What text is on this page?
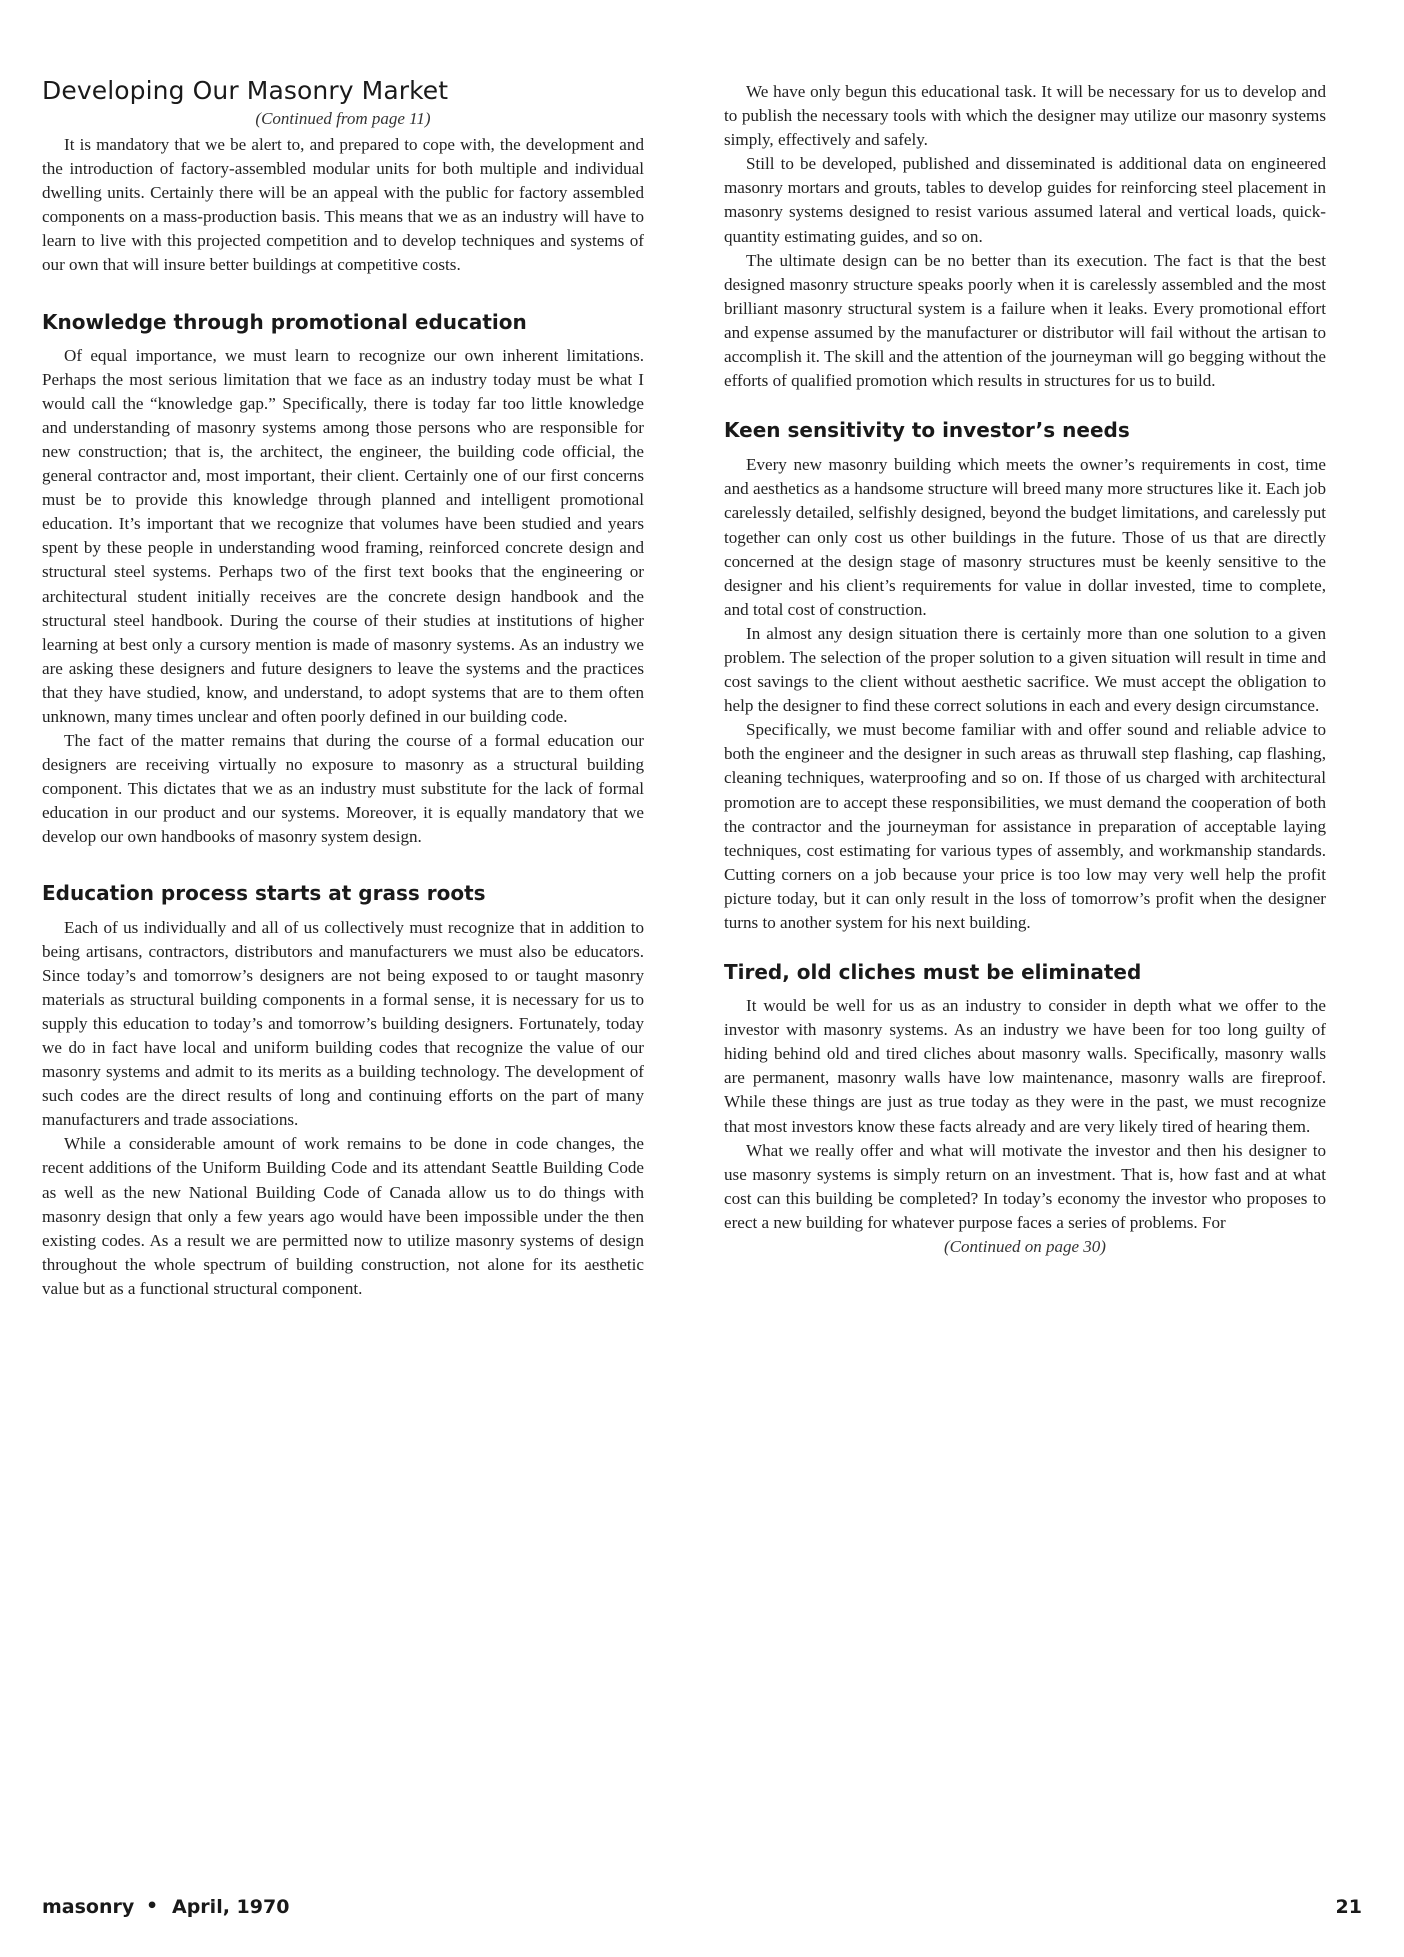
Developing Our Masonry Market

(Continued from page 11)

It is mandatory that we be alert to, and prepared to cope with, the development and the introduction of factory-assembled modular units for both multiple and individual dwelling units. Certainly there will be an appeal with the public for factory assembled components on a mass-production basis. This means that we as an industry will have to learn to live with this projected competition and to develop techniques and systems of our own that will insure better buildings at competitive costs.

Knowledge through promotional education

Of equal importance, we must learn to recognize our own inherent limitations. Perhaps the most serious limitation that we face as an industry today must be what I would call the “knowledge gap.” Specifically, there is today far too little knowledge and understanding of masonry systems among those persons who are responsible for new construction; that is, the architect, the engineer, the building code official, the general contractor and, most important, their client. Certainly one of our first concerns must be to provide this knowledge through planned and intelligent promotional education. It’s important that we recognize that volumes have been studied and years spent by these people in understanding wood framing, reinforced concrete design and structural steel systems. Perhaps two of the first text books that the engineering or architectural student initially receives are the concrete design handbook and the structural steel handbook. During the course of their studies at institutions of higher learning at best only a cursory mention is made of masonry systems. As an industry we are asking these designers and future designers to leave the systems and the practices that they have studied, know, and understand, to adopt systems that are to them often unknown, many times unclear and often poorly defined in our building code.

The fact of the matter remains that during the course of a formal education our designers are receiving virtually no exposure to masonry as a structural building component. This dictates that we as an industry must substitute for the lack of formal education in our product and our systems. Moreover, it is equally mandatory that we develop our own handbooks of masonry system design.

Education process starts at grass roots

Each of us individually and all of us collectively must recognize that in addition to being artisans, contractors, distributors and manufacturers we must also be educators. Since today’s and tomorrow’s designers are not being exposed to or taught masonry materials as structural building components in a formal sense, it is necessary for us to supply this education to today’s and tomorrow’s building designers. Fortunately, today we do in fact have local and uniform building codes that recognize the value of our masonry systems and admit to its merits as a building technology. The development of such codes are the direct results of long and continuing efforts on the part of many manufacturers and trade associations.

While a considerable amount of work remains to be done in code changes, the recent additions of the Uniform Building Code and its attendant Seattle Building Code as well as the new National Building Code of Canada allow us to do things with masonry design that only a few years ago would have been impossible under the then existing codes. As a result we are permitted now to utilize masonry systems of design throughout the whole spectrum of building construction, not alone for its aesthetic value but as a functional structural component.

We have only begun this educational task. It will be necessary for us to develop and to publish the necessary tools with which the designer may utilize our masonry systems simply, effectively and safely.

Still to be developed, published and disseminated is additional data on engineered masonry mortars and grouts, tables to develop guides for reinforcing steel placement in masonry systems designed to resist various assumed lateral and vertical loads, quick-quantity estimating guides, and so on.

The ultimate design can be no better than its execution. The fact is that the best designed masonry structure speaks poorly when it is carelessly assembled and the most brilliant masonry structural system is a failure when it leaks. Every promotional effort and expense assumed by the manufacturer or distributor will fail without the artisan to accomplish it. The skill and the attention of the journeyman will go begging without the efforts of qualified promotion which results in structures for us to build.

Keen sensitivity to investor’s needs

Every new masonry building which meets the owner’s requirements in cost, time and aesthetics as a handsome structure will breed many more structures like it. Each job carelessly detailed, selfishly designed, beyond the budget limitations, and carelessly put together can only cost us other buildings in the future. Those of us that are directly concerned at the design stage of masonry structures must be keenly sensitive to the designer and his client’s requirements for value in dollar invested, time to complete, and total cost of construction.

In almost any design situation there is certainly more than one solution to a given problem. The selection of the proper solution to a given situation will result in time and cost savings to the client without aesthetic sacrifice. We must accept the obligation to help the designer to find these correct solutions in each and every design circumstance.

Specifically, we must become familiar with and offer sound and reliable advice to both the engineer and the designer in such areas as thruwall step flashing, cap flashing, cleaning techniques, waterproofing and so on. If those of us charged with architectural promotion are to accept these responsibilities, we must demand the cooperation of both the contractor and the journeyman for assistance in preparation of acceptable laying techniques, cost estimating for various types of assembly, and workmanship standards. Cutting corners on a job because your price is too low may very well help the profit picture today, but it can only result in the loss of tomorrow’s profit when the designer turns to another system for his next building.

Tired, old cliches must be eliminated

It would be well for us as an industry to consider in depth what we offer to the investor with masonry systems. As an industry we have been for too long guilty of hiding behind old and tired cliches about masonry walls. Specifically, masonry walls are permanent, masonry walls have low maintenance, masonry walls are fireproof. While these things are just as true today as they were in the past, we must recognize that most investors know these facts already and are very likely tired of hearing them.

What we really offer and what will motivate the investor and then his designer to use masonry systems is simply return on an investment. That is, how fast and at what cost can this building be completed? In today’s economy the investor who proposes to erect a new building for whatever purpose faces a series of problems. For

(Continued on page 30)

masonry • April, 1970	21
